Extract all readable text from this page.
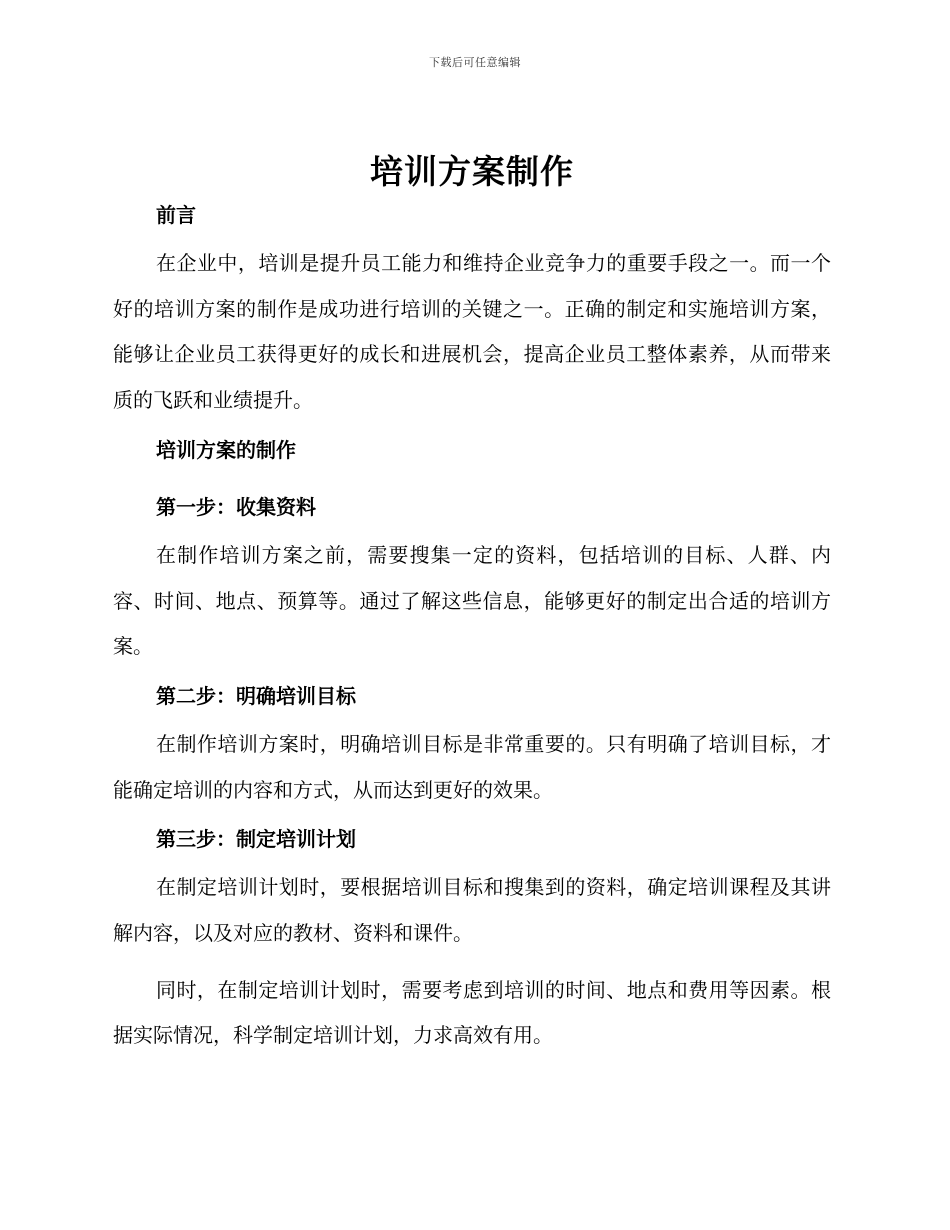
下载后可任意编辑
培训方案制作

前言

在企业中，培训是提升员工能力和维持企业竞争力的重要手段之一。而一个好的培训方案的制作是成功进行培训的关键之一。正确的制定和实施培训方案，能够让企业员工获得更好的成长和进展机会，提高企业员工整体素养，从而带来质的飞跃和业绩提升。

培训方案的制作

第一步：收集资料

在制作培训方案之前，需要搜集一定的资料，包括培训的目标、人群、内容、时间、地点、预算等。通过了解这些信息，能够更好的制定出合适的培训方案。

第二步：明确培训目标

在制作培训方案时，明确培训目标是非常重要的。只有明确了培训目标，才能确定培训的内容和方式，从而达到更好的效果。

第三步：制定培训计划

在制定培训计划时，要根据培训目标和搜集到的资料，确定培训课程及其讲解内容，以及对应的教材、资料和课件。

同时，在制定培训计划时，需要考虑到培训的时间、地点和费用等因素。根据实际情况，科学制定培训计划，力求高效有用。
